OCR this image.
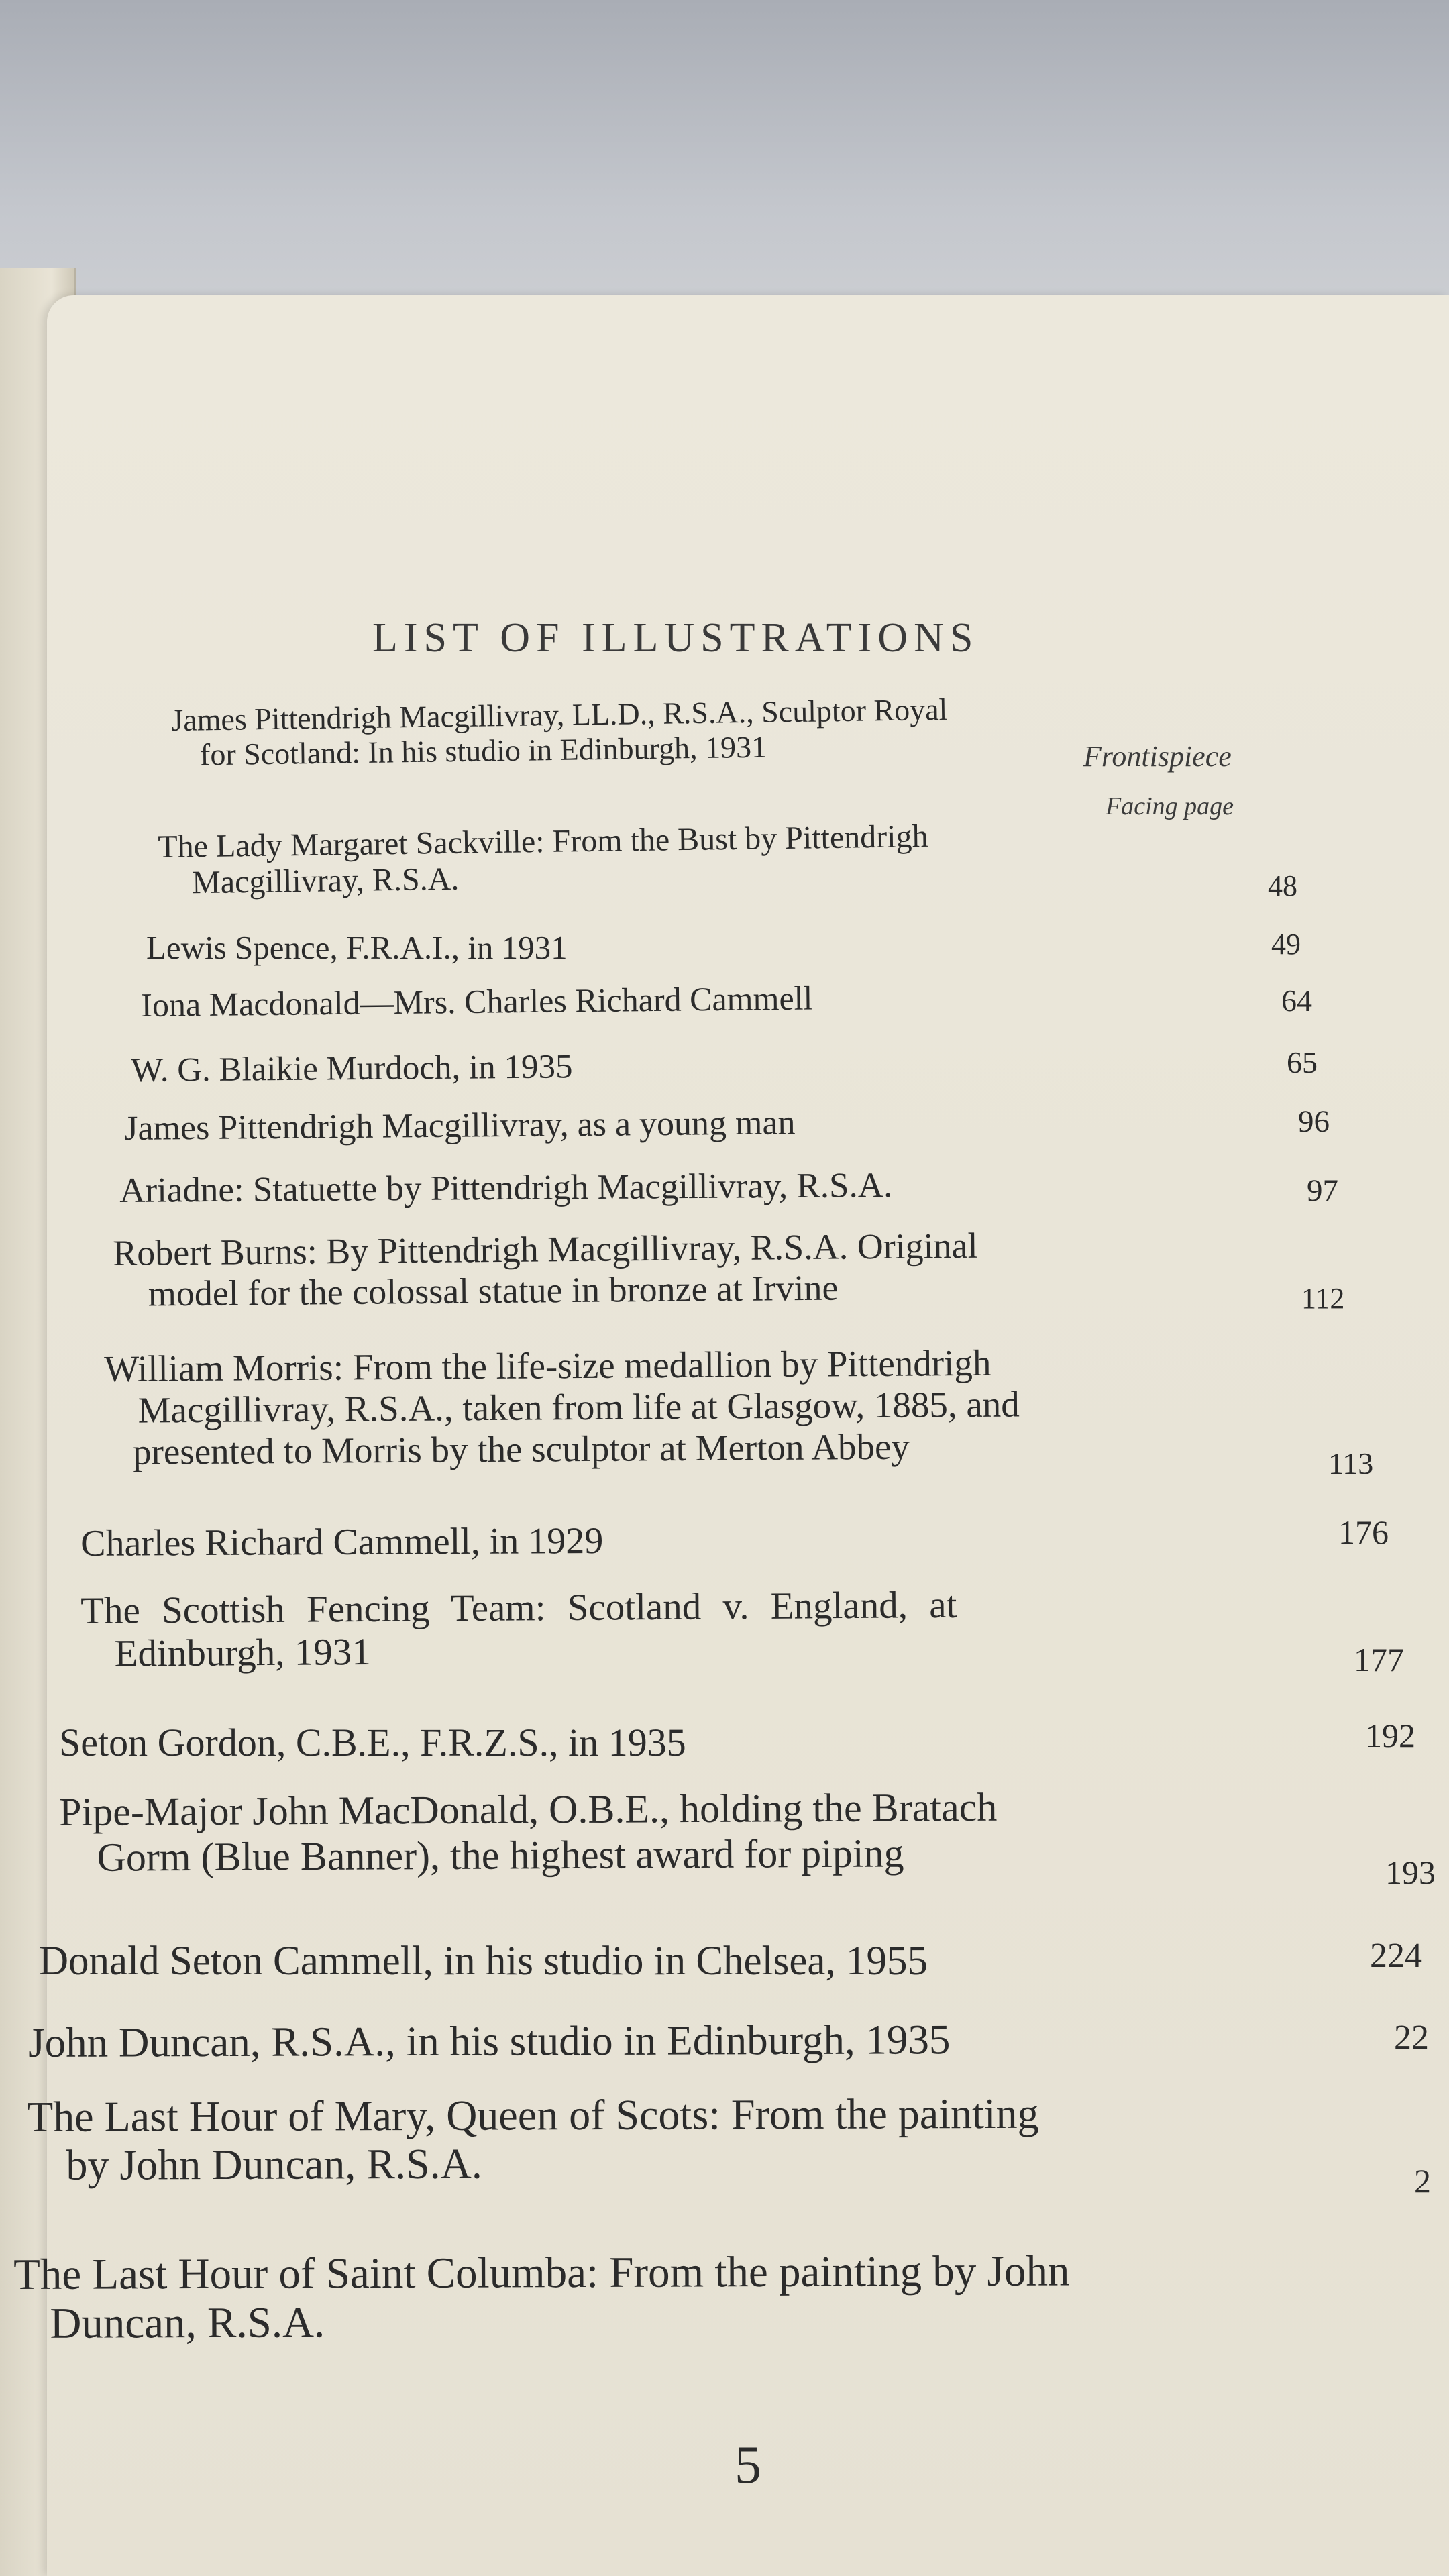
LIST OF ILLUSTRATIONS
James Pittendrigh Macgillivray, LL.D., R.S.A., Sculptor Royal
for Scotland: In his studio in Edinburgh, 1931	Frontispiece
Facing page
The Lady Margaret Sackville: From the Bust by Pittendrigh
Macgillivray, R.S.A.	48
Lewis Spence, F.R.A.I., in 1931	49
Iona Macdonald—Mrs. Charles Richard Cammell	64
W. G. Blaikie Murdoch, in 1935	65
James Pittendrigh Macgillivray, as a young man	96
Ariadne: Statuette by Pittendrigh Macgillivray, R.S.A.	97
Robert Burns: By Pittendrigh Macgillivray, R.S.A. Original
model for the colossal statue in bronze at Irvine	112
William Morris: From the life-size medallion by Pittendrigh
Macgillivray, R.S.A., taken from life at Glasgow, 1885, and
presented to Morris by the sculptor at Merton Abbey	113
Charles Richard Cammell, in 1929	176
The Scottish Fencing Team: Scotland v. England, at
Edinburgh, 1931	177
Seton Gordon, C.B.E., F.R.Z.S., in 1935	192
Pipe-Major John MacDonald, O.B.E., holding the Bratach
Gorm (Blue Banner), the highest award for piping	193
Donald Seton Cammell, in his studio in Chelsea, 1955	224
John Duncan, R.S.A., in his studio in Edinburgh, 1935	22
The Last Hour of Mary, Queen of Scots: From the painting
by John Duncan, R.S.A.	2
The Last Hour of Saint Columba: From the painting by John
Duncan, R.S.A.
5
